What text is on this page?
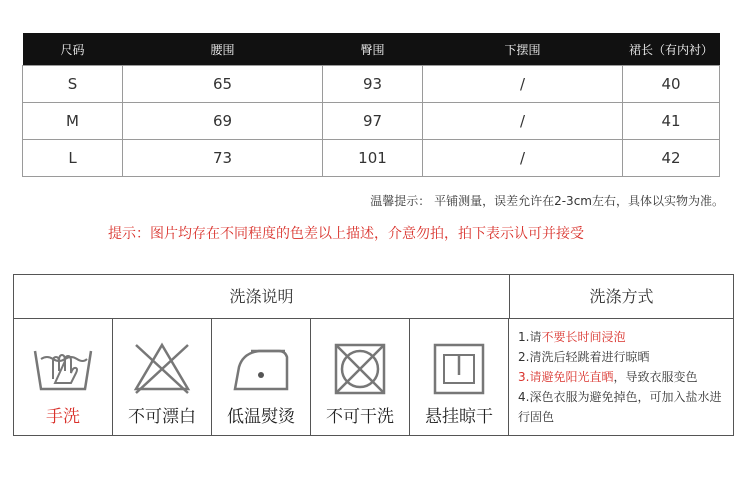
尺码	腰围	臀围	下摆围	裙长（有内衬）
S	65	93	/	40
M	69	97	/	41
L	73	101	/	42
温馨提示： 平铺测量，误差允许在2-3cm左右，具体以实物为准。
提示：图片均存在不同程度的色差以上描述，介意勿拍，拍下表示认可并接受
洗涤说明	洗涤方式
手洗	不可漂白	低温熨烫	不可干洗	悬挂晾干
1.请不要长时间浸泡
2.清洗后轻跳着进行晾晒
3.请避免阳光直晒，导致衣服变色
4.深色衣服为避免掉色，可加入盐水进行固色
